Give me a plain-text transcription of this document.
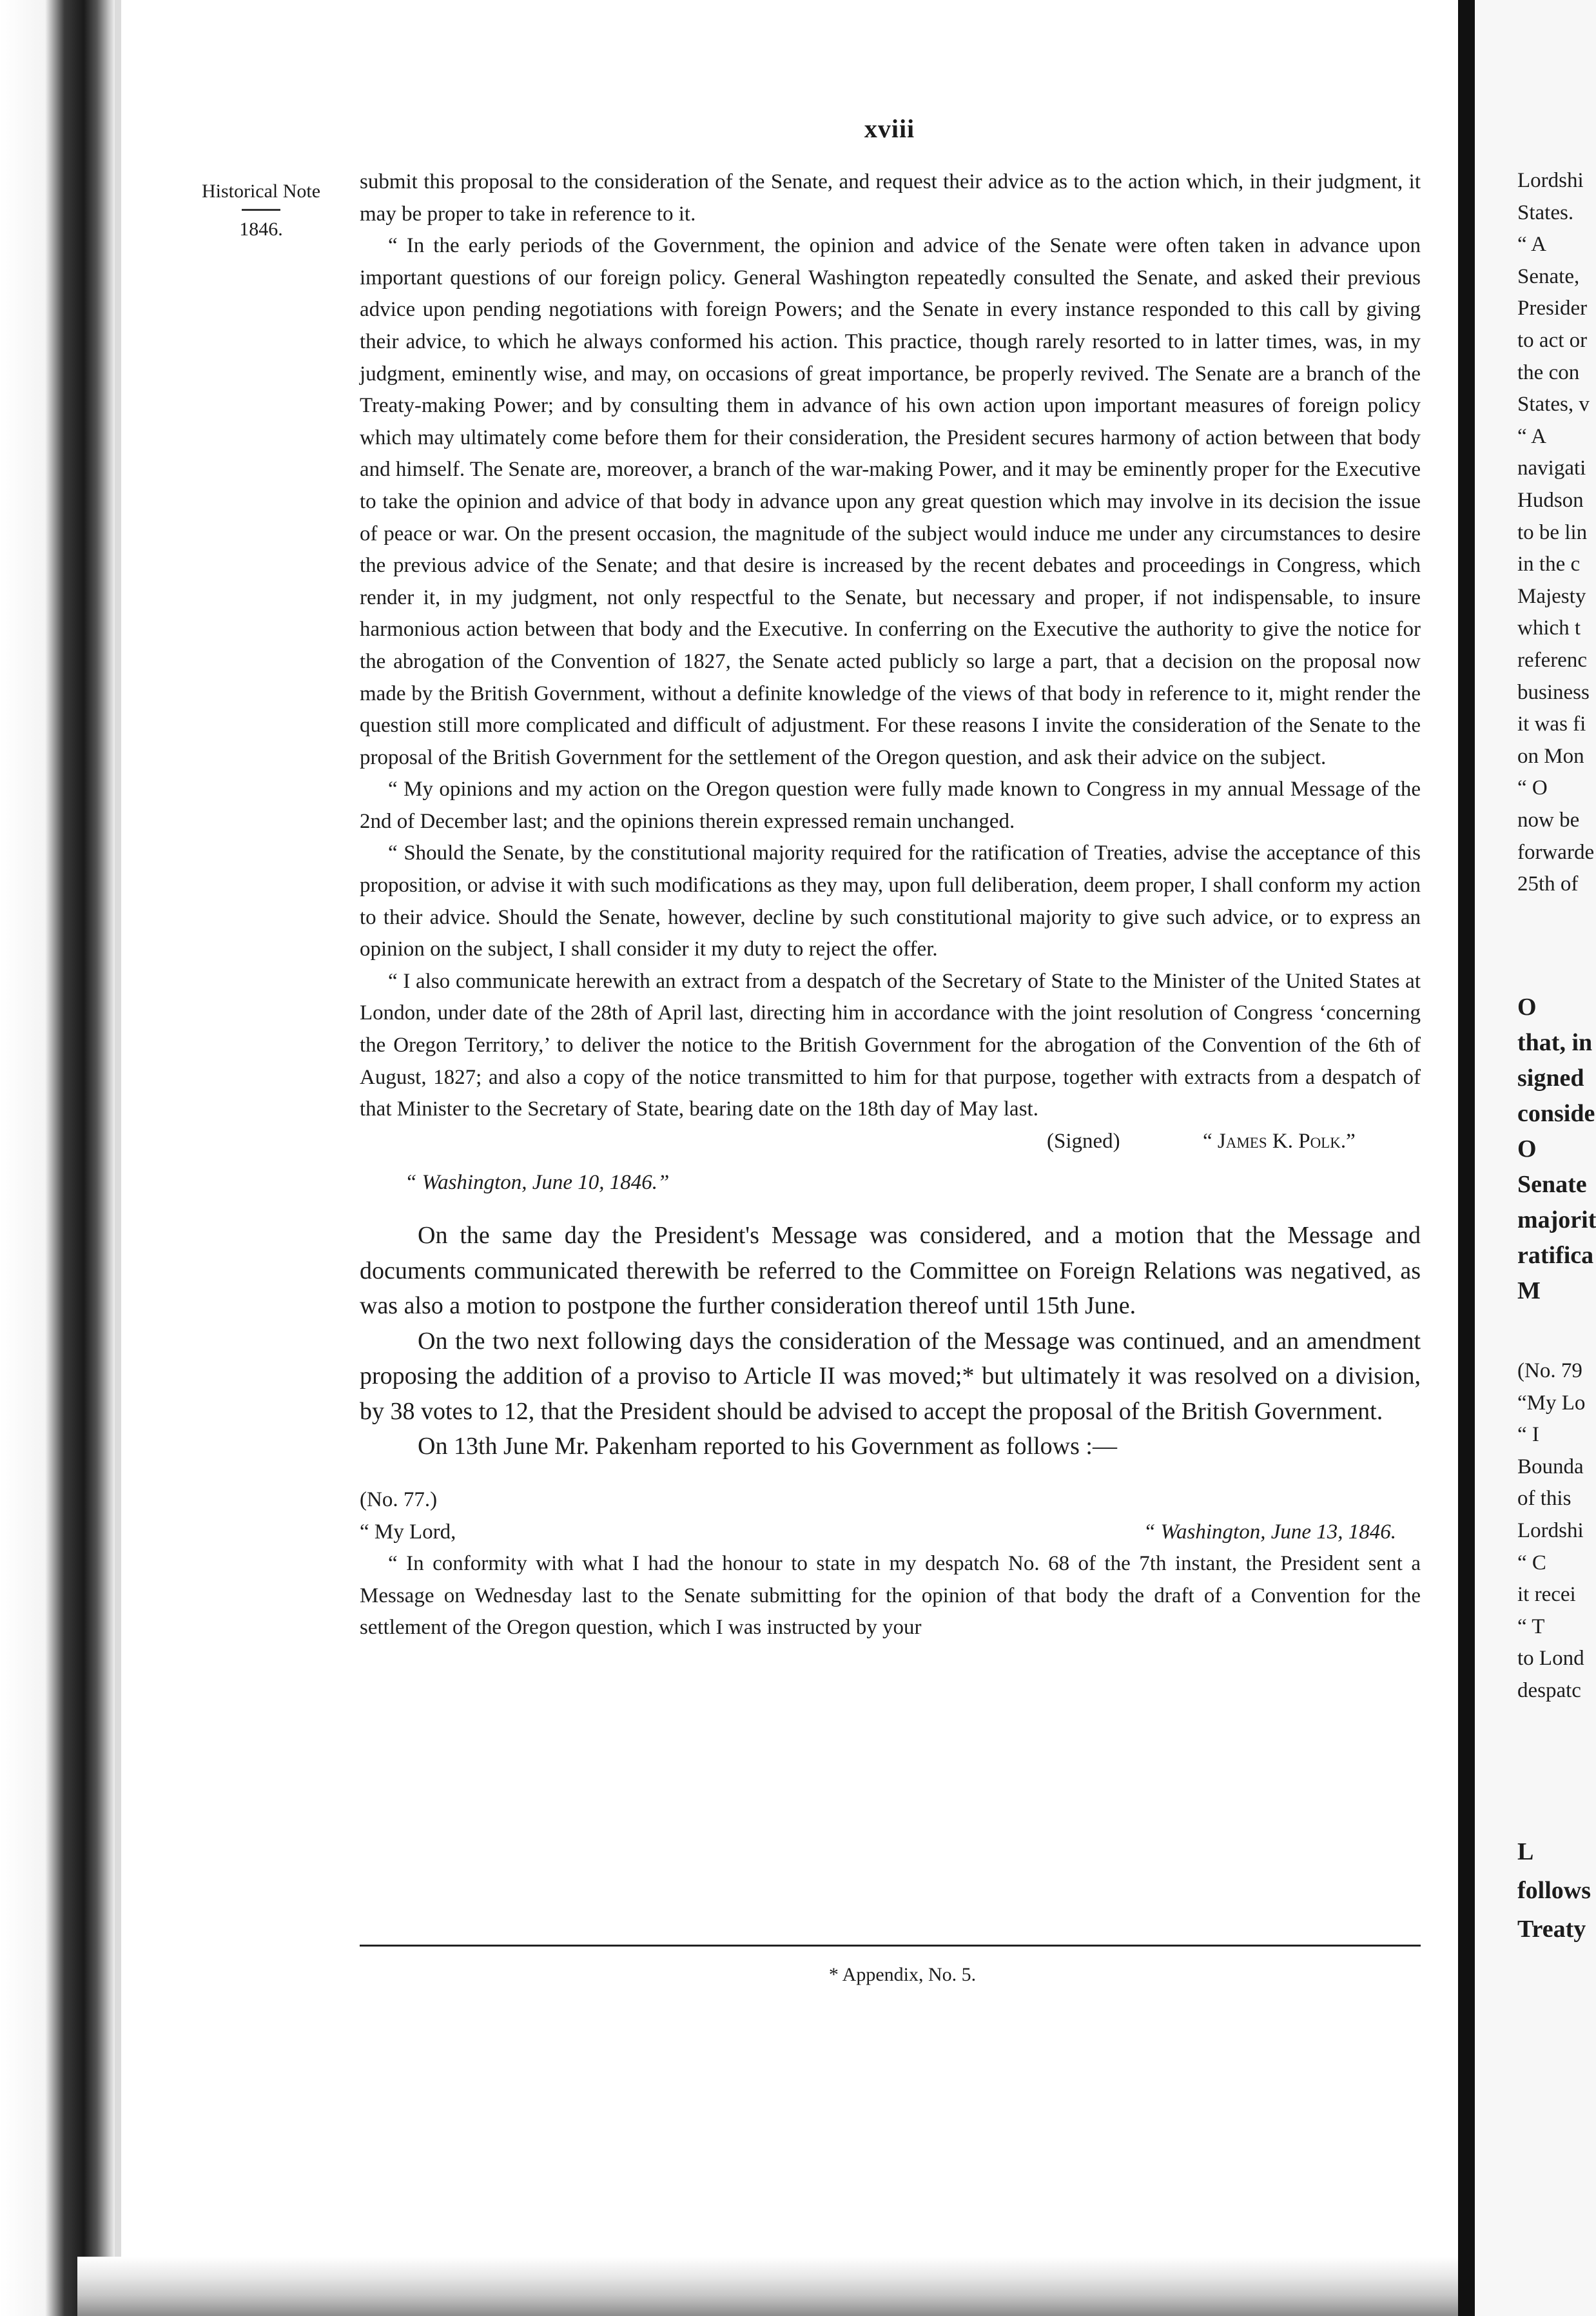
xviii
Historical Note
1846.

submit this proposal to the consideration of the Senate, and request their advice as to the action which, in their judgment, it may be proper to take in reference to it.

“ In the early periods of the Government, the opinion and advice of the Senate were often taken in advance upon important questions of our foreign policy. General Washington repeatedly consulted the Senate, and asked their previous advice upon pending negotiations with foreign Powers; and the Senate in every instance responded to this call by giving their advice, to which he always conformed his action. This practice, though rarely resorted to in latter times, was, in my judgment, eminently wise, and may, on occasions of great importance, be properly revived. The Senate are a branch of the Treaty-making Power; and by consulting them in advance of his own action upon important measures of foreign policy which may ultimately come before them for their consideration, the President secures harmony of action between that body and himself. The Senate are, moreover, a branch of the war-making Power, and it may be eminently proper for the Executive to take the opinion and advice of that body in advance upon any great question which may involve in its decision the issue of peace or war. On the present occasion, the magnitude of the subject would induce me under any circumstances to desire the previous advice of the Senate; and that desire is increased by the recent debates and proceedings in Congress, which render it, in my judgment, not only respectful to the Senate, but necessary and proper, if not indispensable, to insure harmonious action between that body and the Executive. In conferring on the Executive the authority to give the notice for the abrogation of the Convention of 1827, the Senate acted publicly so large a part, that a decision on the proposal now made by the British Government, without a definite knowledge of the views of that body in reference to it, might render the question still more complicated and difficult of adjustment. For these reasons I invite the consideration of the Senate to the proposal of the British Government for the settlement of the Oregon question, and ask their advice on the subject.

“ My opinions and my action on the Oregon question were fully made known to Congress in my annual Message of the 2nd of December last; and the opinions therein expressed remain unchanged.

“ Should the Senate, by the constitutional majority required for the ratification of Treaties, advise the acceptance of this proposition, or advise it with such modifications as they may, upon full deliberation, deem proper, I shall conform my action to their advice. Should the Senate, however, decline by such constitutional majority to give such advice, or to express an opinion on the subject, I shall consider it my duty to reject the offer.

“ I also communicate herewith an extract from a despatch of the Secretary of State to the Minister of the United States at London, under date of the 28th of April last, directing him in accordance with the joint resolution of Congress ‘concerning the Oregon Territory,’ to deliver the notice to the British Government for the abrogation of the Convention of the 6th of August, 1827; and also a copy of the notice transmitted to him for that purpose, together with extracts from a despatch of that Minister to the Secretary of State, bearing date on the 18th day of May last.

(Signed)	“ James K. Polk.”
“ Washington, June 10, 1846.”

On the same day the President's Message was considered, and a motion that the Message and documents communicated therewith be referred to the Committee on Foreign Relations was negatived, as was also a motion to postpone the further consideration thereof until 15th June.

On the two next following days the consideration of the Message was continued, and an amendment proposing the addition of a proviso to Article II was moved;* but ultimately it was resolved on a division, by 38 votes to 12, that the President should be advised to accept the proposal of the British Government.

On 13th June Mr. Pakenham reported to his Government as follows :—

(No. 77.)
“ My Lord,	“ Washington, June 13, 1846.

“ In conformity with what I had the honour to state in my despatch No. 68 of the 7th instant, the President sent a Message on Wednesday last to the Senate submitting for the opinion of that body the draft of a Convention for the settlement of the Oregon question, which I was instructed by your

* Appendix, No. 5.
Lordshi
States.
“ A
Senate,
Presider
to act or
the con
States, v
“ A
navigati
Hudson
to be lin
in the c
Majesty
which t
referenc
business
it was fi
on Mon
“ O
now be
forwarde
25th of
O
that, in
signed
conside
O
Senate
majorit
ratifica
M
(No. 79
“My Lo
“ I
Bounda
of this
Lordshi
“ C
it recei
“ T
to Lond
despatc
L
follows
Treaty
